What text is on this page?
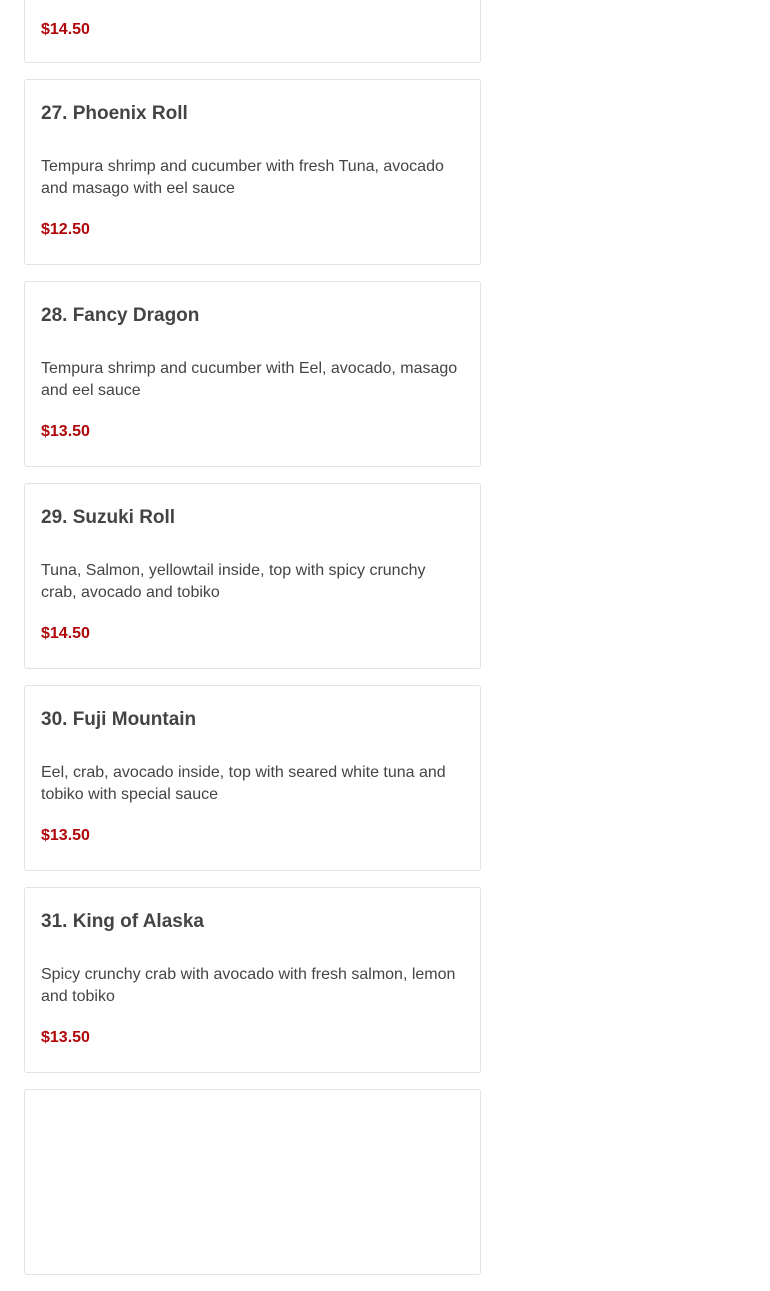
$14.50
27. Phoenix Roll

Tempura shrimp and cucumber with fresh Tuna, avocado and masago with eel sauce

$12.50
28. Fancy Dragon

Tempura shrimp and cucumber with Eel, avocado, masago and eel sauce

$13.50
29. Suzuki Roll

Tuna, Salmon, yellowtail inside, top with spicy crunchy crab, avocado and tobiko

$14.50
30. Fuji Mountain

Eel, crab, avocado inside, top with seared white tuna and tobiko with special sauce

$13.50
31. King of Alaska

Spicy crunchy crab with avocado with fresh salmon, lemon and tobiko

$13.50
